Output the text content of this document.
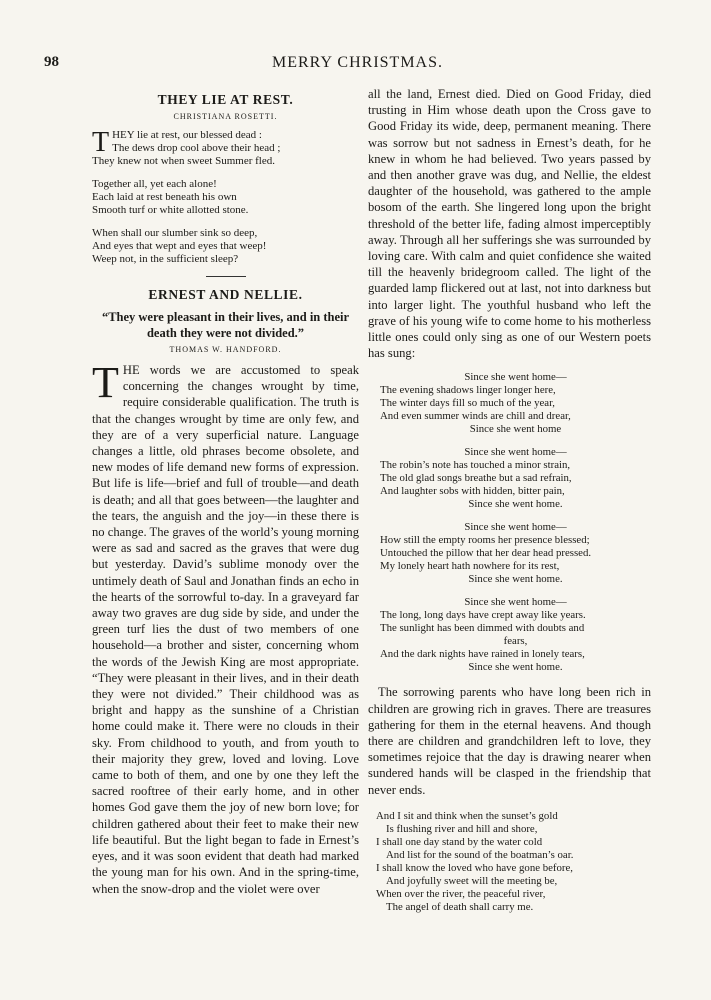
98	MERRY CHRISTMAS.
THEY LIE AT REST.
CHRISTIANA ROSETTI.
T HEY lie at rest, our blessed dead :
The dews drop cool above their head ;
They knew not when sweet Summer fled.
Together all, yet each alone!
Each laid at rest beneath his own
Smooth turf or white allotted stone.
When shall our slumber sink so deep,
And eyes that wept and eyes that weep!
Weep not, in the sufficient sleep?
ERNEST AND NELLIE.
“They were pleasant in their lives, and in their death they were not divided.”
THOMAS W. HANDFORD.

THE words we are accustomed to speak concerning the changes wrought by time, require considerable qualification. The truth is that the changes wrought by time are only few, and they are of a very superficial nature. Language changes a little, old phrases become obsolete, and new modes of life demand new forms of expression. But life is life—brief and full of trouble—and death is death; and all that goes between—the laughter and the tears, the anguish and the joy—in these there is no change. The graves of the world’s young morning were as sad and sacred as the graves that were dug but yesterday. David’s sublime monody over the untimely death of Saul and Jonathan finds an echo in the hearts of the sorrowful to-day. In a graveyard far away two graves are dug side by side, and under the green turf lies the dust of two members of one household—a brother and sister, concerning whom the words of the Jewish King are most appropriate. “They were pleasant in their lives, and in their death they were not divided.” Their childhood was as bright and happy as the sunshine of a Christian home could make it. There were no clouds in their sky. From childhood to youth, and from youth to their majority they grew, loved and loving. Love came to both of them, and one by one they left the sacred rooftree of their early home, and in other homes God gave them the joy of new born love; for children gathered about their feet to make their new life beautiful. But the light began to fade in Ernest’s eyes, and it was soon evident that death had marked the young man for his own. And in the spring-time, when the snow-drop and the violet were over

all the land, Ernest died. Died on Good Friday, died trusting in Him whose death upon the Cross gave to Good Friday its wide, deep, permanent meaning. There was sorrow but not sadness in Ernest’s death, for he knew in whom he had believed. Two years passed by and then another grave was dug, and Nellie, the eldest daughter of the household, was gathered to the ample bosom of the earth. She lingered long upon the bright threshold of the better life, fading almost imperceptibly away. Through all her sufferings she was surrounded by loving care. With calm and quiet confidence she waited till the heavenly bridegroom called. The light of the guarded lamp flickered out at last, not into darkness but into larger light. The youthful husband who left the grave of his young wife to come home to his motherless little ones could only sing as one of our Western poets has sung:

Since she went home—
The evening shadows linger longer here,
The winter days fill so much of the year,
And even summer winds are chill and drear,
Since she went home
Since she went home—
The robin’s note has touched a minor strain,
The old glad songs breathe but a sad refrain,
And laughter sobs with hidden, bitter pain,
Since she went home.
Since she went home—
How still the empty rooms her presence blessed;
Untouched the pillow that her dear head pressed.
My lonely heart hath nowhere for its rest,
Since she went home.
Since she went home—
The long, long days have crept away like years.
The sunlight has been dimmed with doubts and
fears,
And the dark nights have rained in lonely tears,
Since she went home.

The sorrowing parents who have long been rich in children are growing rich in graves. There are treasures gathering for them in the eternal heavens. And though there are children and grandchildren left to love, they sometimes rejoice that the day is drawing nearer when sundered hands will be clasped in the friendship that never ends.

And I sit and think when the sunset’s gold
Is flushing river and hill and shore,
I shall one day stand by the water cold
And list for the sound of the boatman’s oar.
I shall know the loved who have gone before,
And joyfully sweet will the meeting be,
When over the river, the peaceful river,
The angel of death shall carry me.
